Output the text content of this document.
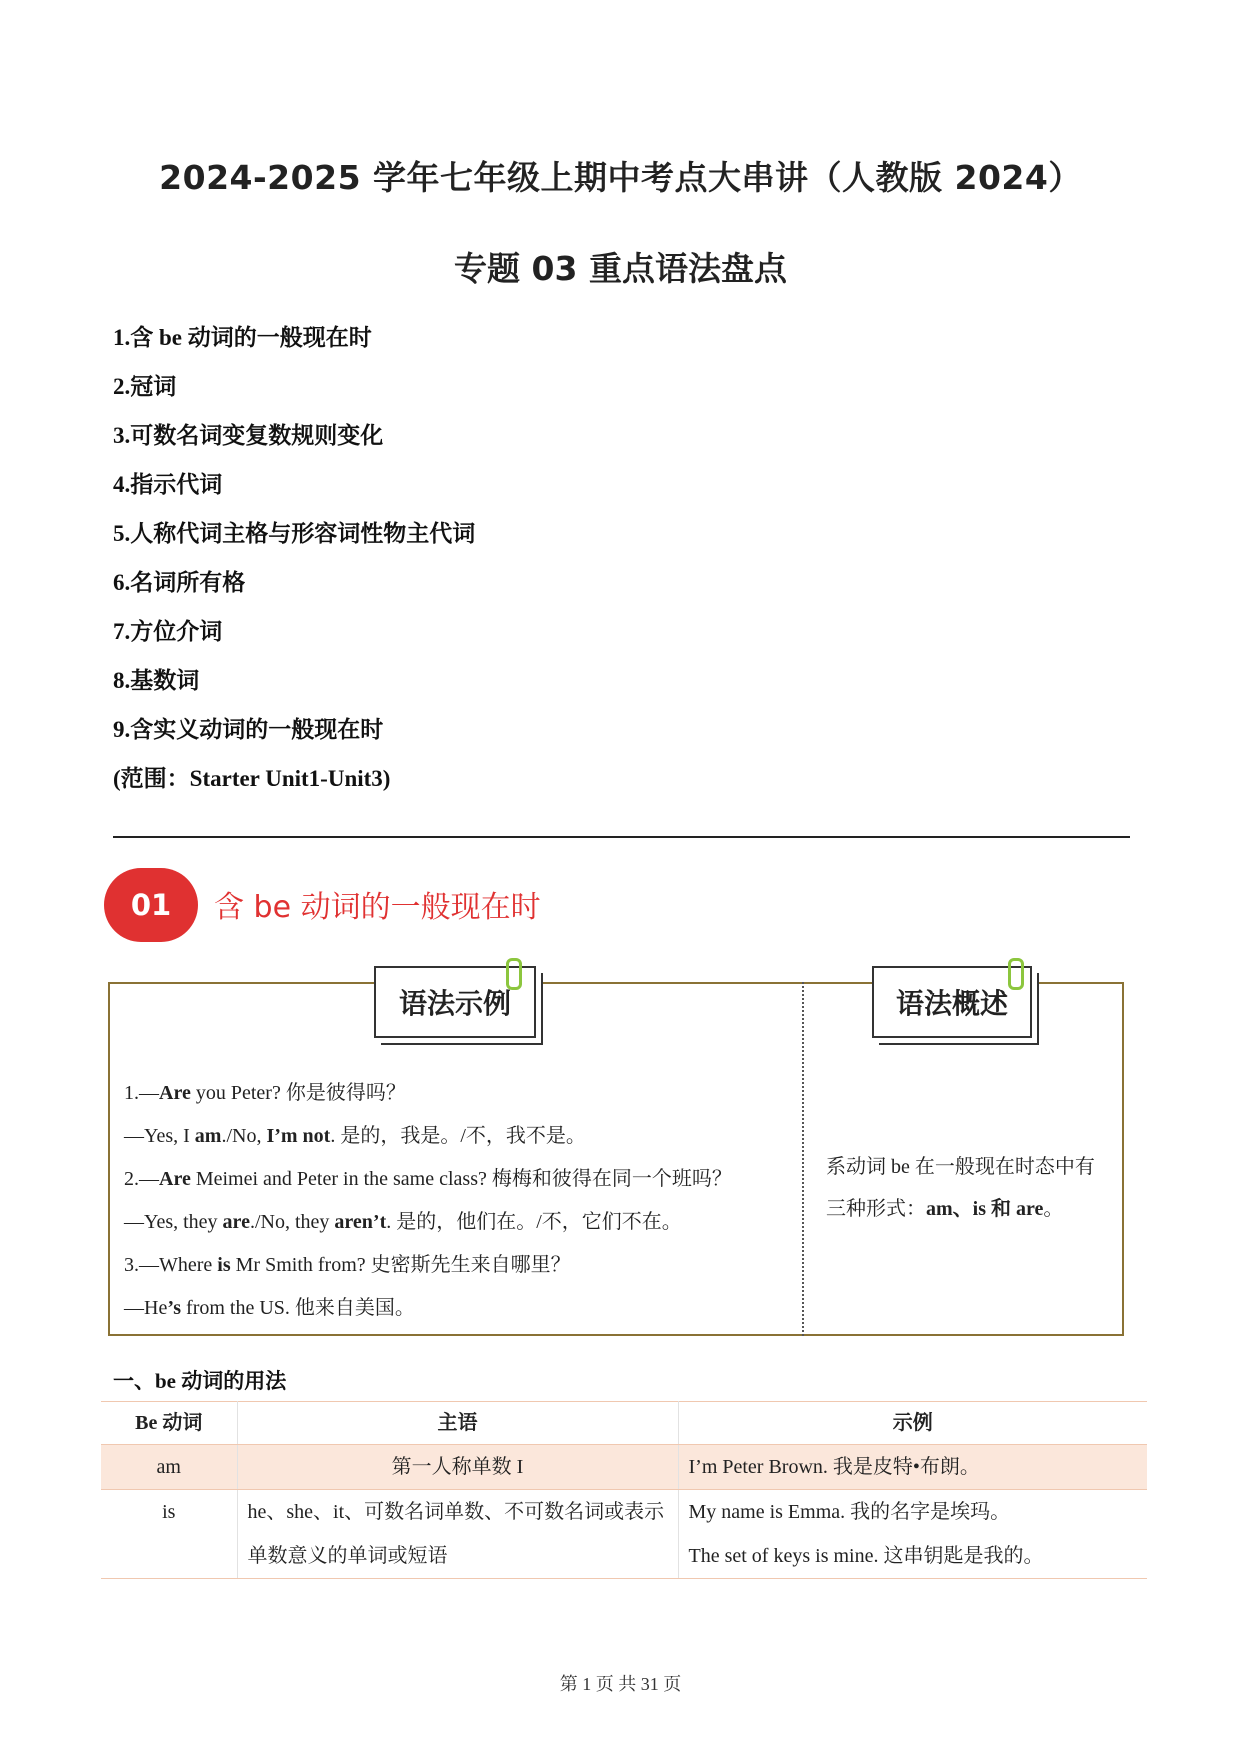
2024-2025 学年七年级上期中考点大串讲（人教版 2024）
专题 03 重点语法盘点
1.含 be 动词的一般现在时
2.冠词
3.可数名词变复数规则变化
4.指示代词
5.人称代词主格与形容词性物主代词
6.名词所有格
7.方位介词
8.基数词
9.含实义动词的一般现在时
(范围：Starter Unit1-Unit3)
01	含 be 动词的一般现在时
语法示例	语法概述
1.—Are you Peter? 你是彼得吗？
—Yes, I am./No, I’m not. 是的，我是。/不，我不是。
2.—Are Meimei and Peter in the same class? 梅梅和彼得在同一个班吗？
—Yes, they are./No, they aren’t. 是的，他们在。/不，它们不在。
3.—Where is Mr Smith from? 史密斯先生来自哪里？
—He’s from the US. 他来自美国。
系动词 be 在一般现在时态中有
三种形式：am、is 和 are。
一、be 动词的用法
Be 动词	主语	示例
am	第一人称单数 I	I’m Peter Brown. 我是皮特•布朗。
is	he、she、it、可数名词单数、不可数名词或表示单数意义的单词或短语	My name is Emma. 我的名字是埃玛。
The set of keys is mine. 这串钥匙是我的。
第 1 页 共 31 页
